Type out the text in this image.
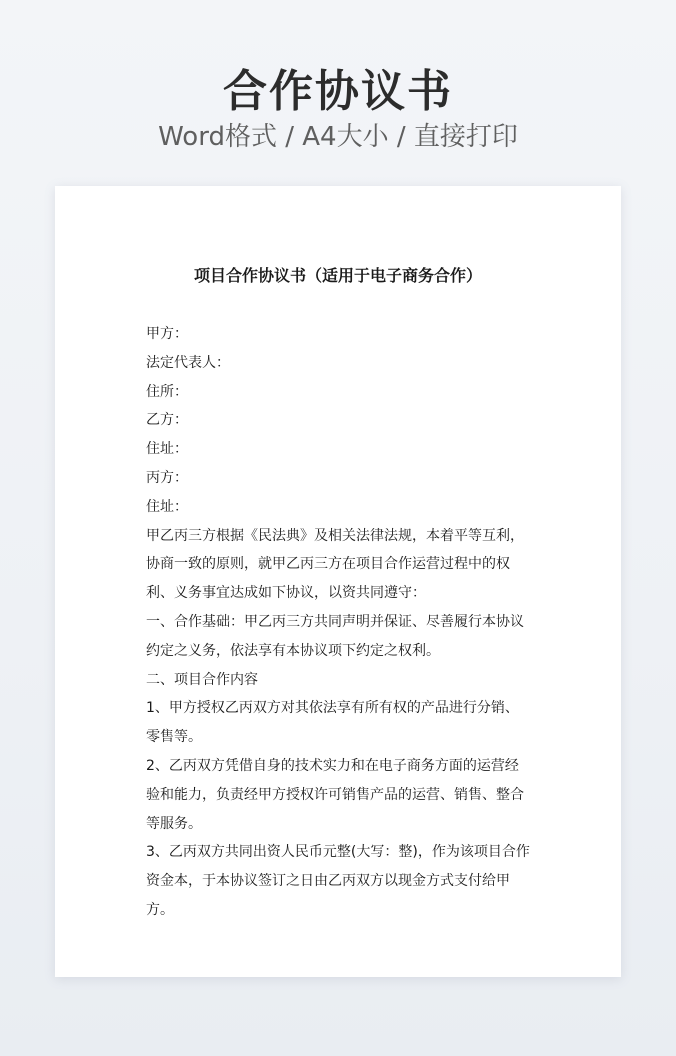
合作协议书
Word格式 / A4大小 / 直接打印
项目合作协议书（适用于电子商务合作）
甲方：
法定代表人：
住所：
乙方：
住址：
丙方：
住址：
甲乙丙三方根据《民法典》及相关法律法规，本着平等互利，协商一致的原则，就甲乙丙三方在项目合作运营过程中的权利、义务事宜达成如下协议，以资共同遵守：
一、合作基础：甲乙丙三方共同声明并保证、尽善履行本协议约定之义务，依法享有本协议项下约定之权利。
二、项目合作内容
1、甲方授权乙丙双方对其依法享有所有权的产品进行分销、零售等。
2、乙丙双方凭借自身的技术实力和在电子商务方面的运营经验和能力，负责经甲方授权许可销售产品的运营、销售、整合等服务。
3、乙丙双方共同出资人民币元整(大写：整)，作为该项目合作资金本，于本协议签订之日由乙丙双方以现金方式支付给甲方。
